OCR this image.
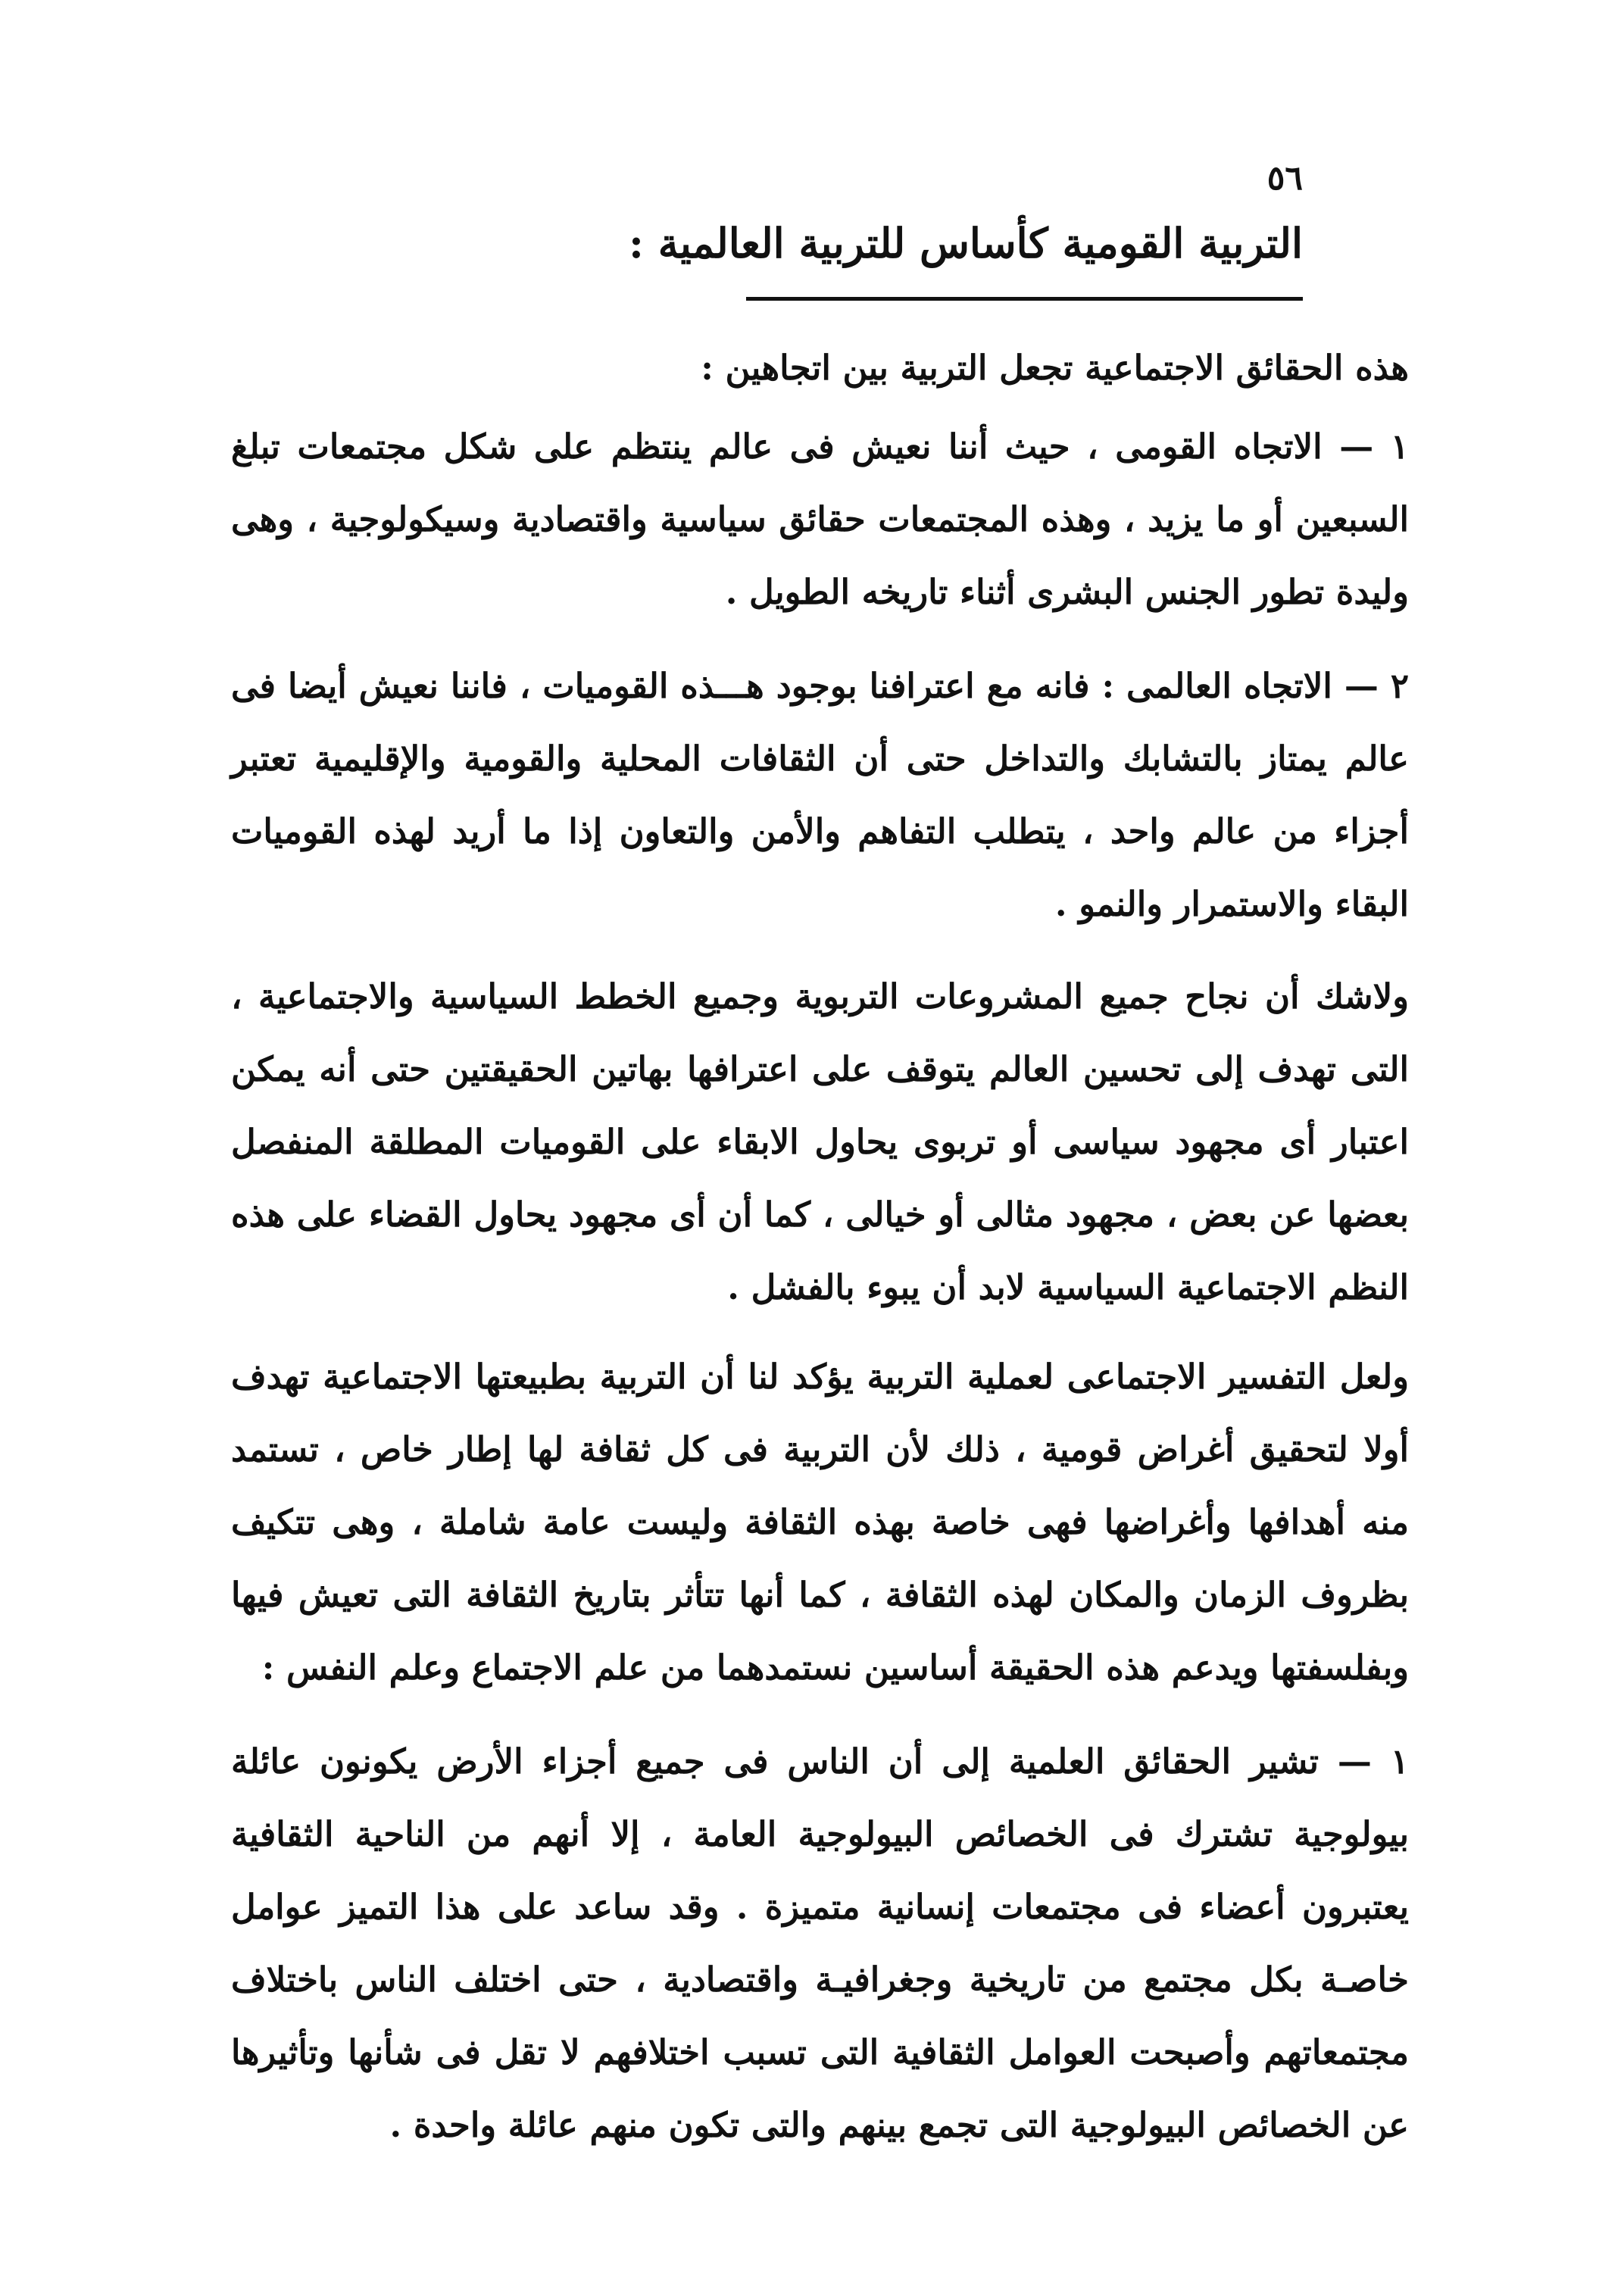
٥٦
التربية القومية كأساس للتربية العالمية :
هذه الحقائق الاجتماعية تجعل التربية بين اتجاهين :
١ — الاتجاه القومى ، حيث أننا نعيش فى عالم ينتظم على شكل مجتمعات تبلغ السبعين أو ما يزيد ، وهذه المجتمعات حقائق سياسية واقتصادية وسيكولوجية ، وهى وليدة تطور الجنس البشرى أثناء تاريخه الطويل .
٢ — الاتجاه العالمى : فانه مع اعترافنا بوجود هـــذه القوميات ، فاننا نعيش أيضا فى عالم يمتاز بالتشابك والتداخل حتى أن الثقافات المحلية والقومية والإقليمية تعتبر أجزاء من عالم واحد ، يتطلب التفاهم والأمن والتعاون إذا ما أريد لهذه القوميات البقاء والاستمرار والنمو .
ولاشك أن نجاح جميع المشروعات التربوية وجميع الخطط السياسية والاجتماعية ، التى تهدف إلى تحسين العالم يتوقف على اعترافها بهاتين الحقيقتين حتى أنه يمكن اعتبار أى مجهود سياسى أو تربوى يحاول الابقاء على القوميات المطلقة المنفصل بعضها عن بعض ، مجهود مثالى أو خيالى ، كما أن أى مجهود يحاول القضاء على هذه النظم الاجتماعية السياسية لابد أن يبوء بالفشل .
ولعل التفسير الاجتماعى لعملية التربية يؤكد لنا أن التربية بطبيعتها الاجتماعية تهدف أولا لتحقيق أغراض قومية ، ذلك لأن التربية فى كل ثقافة لها إطار خاص ، تستمد منه أهدافها وأغراضها فهى خاصة بهذه الثقافة وليست عامة شاملة ، وهى تتكيف بظروف الزمان والمكان لهذه الثقافة ، كما أنها تتأثر بتاريخ الثقافة التى تعيش فيها وبفلسفتها ويدعم هذه الحقيقة أساسين نستمدهما من علم الاجتماع وعلم النفس :
١ — تشير الحقائق العلمية إلى أن الناس فى جميع أجزاء الأرض يكونون عائلة بيولوجية تشترك فى الخصائص البيولوجية العامة ، إلا أنهم من الناحية الثقافية يعتبرون أعضاء فى مجتمعات إنسانية متميزة . وقد ساعد على هذا التميز عوامل خاصـة بكل مجتمع من تاريخية وجغرافيـة واقتصادية ، حتى اختلف الناس باختلاف مجتمعاتهم وأصبحت العوامل الثقافية التى تسبب اختلافهم لا تقل فى شأنها وتأثيرها عن الخصائص البيولوجية التى تجمع بينهم والتى تكون منهم عائلة واحدة .
